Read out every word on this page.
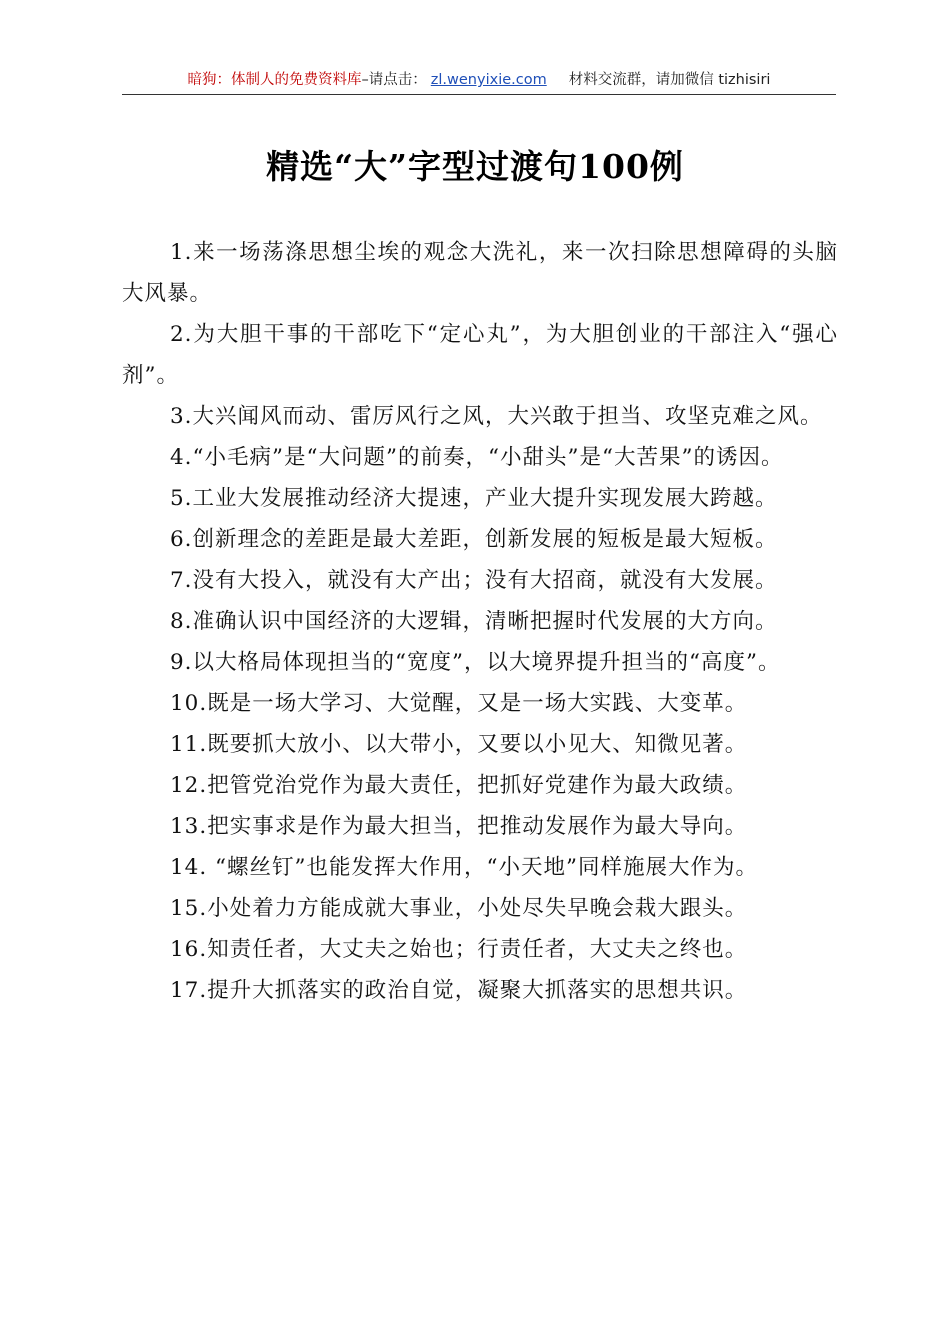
暗狗：体制人的免费资料库–请点击： zl.wenyixie.com 材料交流群，请加微信 tizhisiri
精选“大”字型过渡句100例

1.来一场荡涤思想尘埃的观念大洗礼，来一次扫除思想障碍的头脑大风暴。

2.为大胆干事的干部吃下“定心丸”，为大胆创业的干部注入“强心剂”。

3.大兴闻风而动、雷厉风行之风，大兴敢于担当、攻坚克难之风。

4.“小毛病”是“大问题”的前奏，“小甜头”是“大苦果”的诱因。

5.工业大发展推动经济大提速，产业大提升实现发展大跨越。

6.创新理念的差距是最大差距，创新发展的短板是最大短板。

7.没有大投入，就没有大产出；没有大招商，就没有大发展。

8.准确认识中国经济的大逻辑，清晰把握时代发展的大方向。

9.以大格局体现担当的“宽度”，以大境界提升担当的“高度”。

10.既是一场大学习、大觉醒，又是一场大实践、大变革。

11.既要抓大放小、以大带小，又要以小见大、知微见著。

12.把管党治党作为最大责任，把抓好党建作为最大政绩。

13.把实事求是作为最大担当，把推动发展作为最大导向。

14. “螺丝钉”也能发挥大作用，“小天地”同样施展大作为。

15.小处着力方能成就大事业，小处尽失早晚会栽大跟头。

16.知责任者，大丈夫之始也；行责任者，大丈夫之终也。

17.提升大抓落实的政治自觉，凝聚大抓落实的思想共识。
